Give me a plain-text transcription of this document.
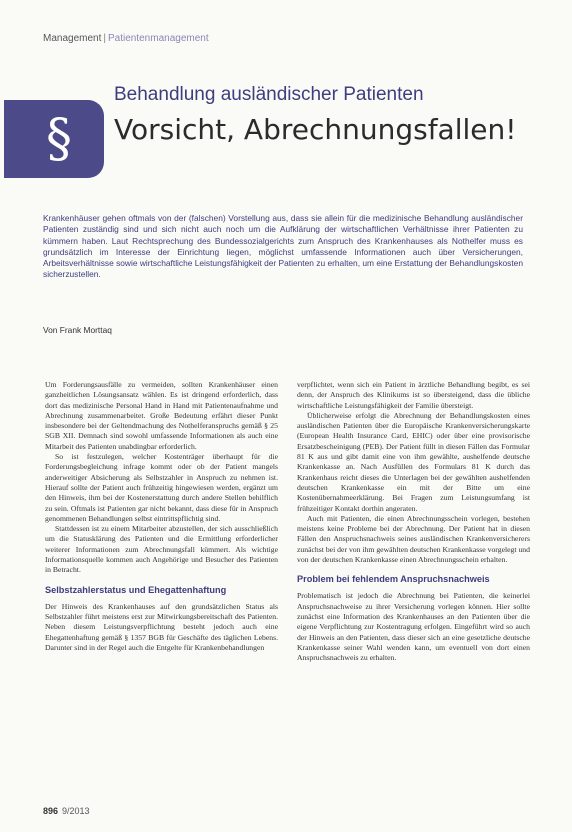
Management | Patientenmanagement
§
Behandlung ausländischer Patienten
Vorsicht, Abrechnungsfallen!

Krankenhäuser gehen oftmals von der (falschen) Vorstellung aus, dass sie allein für die medizinische Behandlung ausländischer Patienten zuständig sind und sich nicht auch noch um die Aufklärung der wirtschaftlichen Verhältnisse ihrer Patienten zu kümmern haben. Laut Rechtsprechung des Bundessozialgerichts zum Anspruch des Krankenhauses als Nothelfer muss es grundsätzlich im Interesse der Einrichtung liegen, möglichst umfassende Informationen auch über Versicherungen, Arbeitsverhältnisse sowie wirtschaftliche Leistungsfähigkeit der Patienten zu erhalten, um eine Erstattung der Behandlungskosten sicherzustellen.

Von Frank Morttaq

Um Forderungsausfälle zu vermeiden, sollten Krankenhäuser einen ganzheitlichen Lösungsansatz wählen. Es ist dringend erforderlich, dass dort das medizinische Personal Hand in Hand mit Patientenaufnahme und Abrechnung zusammenarbeitet. Große Bedeutung erfährt dieser Punkt insbesondere bei der Geltendmachung des Nothelferanspruchs gemäß § 25 SGB XII. Demnach sind sowohl umfassende Informationen als auch eine Mitarbeit des Patienten unabdingbar erforderlich.

So ist festzulegen, welcher Kostenträger überhaupt für die Forderungsbegleichung infrage kommt oder ob der Patient mangels anderweitiger Absicherung als Selbstzahler in Anspruch zu nehmen ist. Hierauf sollte der Patient auch frühzeitig hingewiesen werden, ergänzt um den Hinweis, ihm bei der Kostenerstattung durch andere Stellen behilflich zu sein. Oftmals ist Patienten gar nicht bekannt, dass diese für in Anspruch genommenen Behandlungen selbst eintrittspflichtig sind.

Stattdessen ist zu einem Mitarbeiter abzustellen, der sich ausschließlich um die Statusklärung des Patienten und die Ermittlung erforderlicher weiterer Informationen zum Abrechnungsfall kümmert. Als wichtige Informationsquelle kommen auch Angehörige und Besucher des Patienten in Betracht.

Selbstzahlerstatus und Ehegattenhaftung

Der Hinweis des Krankenhauses auf den grundsätzlichen Status als Selbstzahler führt meistens erst zur Mitwirkungsbereitschaft des Patienten. Neben diesem Leistungsverpflichtung besteht jedoch auch eine Ehegattenhaftung gemäß § 1357 BGB für Geschäfte des täglichen Lebens. Darunter sind in der Regel auch die Entgelte für Krankenbehandlungen

verpflichtet, wenn sich ein Patient in ärztliche Behandlung begibt, es sei denn, der Anspruch des Klinikums ist so übersteigend, dass die übliche wirtschaftliche Leistungsfähigkeit der Familie übersteigt.

Üblicherweise erfolgt die Abrechnung der Behandlungskosten eines ausländischen Patienten über die Europäische Krankenversicherungskarte (European Health Insurance Card, EHIC) oder über eine provisorische Ersatzbescheinigung (PEB). Der Patient füllt in diesen Fällen das Formular 81 K aus und gibt damit eine von ihm gewählte, aushelfende deutsche Krankenkasse an. Nach Ausfüllen des Formulars 81 K durch das Krankenhaus reicht dieses die Unterlagen bei der gewählten aushelfenden deutschen Krankenkasse ein mit der Bitte um eine Kostenübernahmeerklärung. Bei Fragen zum Leistungsumfang ist frühzeitiger Kontakt dorthin angeraten.

Auch mit Patienten, die einen Abrechnungsschein vorlegen, bestehen meistens keine Probleme bei der Abrechnung. Der Patient hat in diesen Fällen den Anspruchsnachweis seines ausländischen Krankenversicherers zunächst bei der von ihm gewählten deutschen Krankenkasse vorgelegt und von der deutschen Krankenkasse einen Abrechnungsschein erhalten.

Problem bei fehlendem Anspruchsnachweis

Problematisch ist jedoch die Abrechnung bei Patienten, die keinerlei Anspruchsnachweise zu ihrer Versicherung vorlegen können. Hier sollte zunächst eine Information des Krankenhauses an den Patienten über die eigene Verpflichtung zur Kostentragung erfolgen. Eingeführt wird so auch der Hinweis an den Patienten, dass dieser sich an eine gesetzliche deutsche Krankenkasse seiner Wahl wenden kann, um eventuell von dort einen Anspruchsnachweis zu erhalten.

896 9/2013
